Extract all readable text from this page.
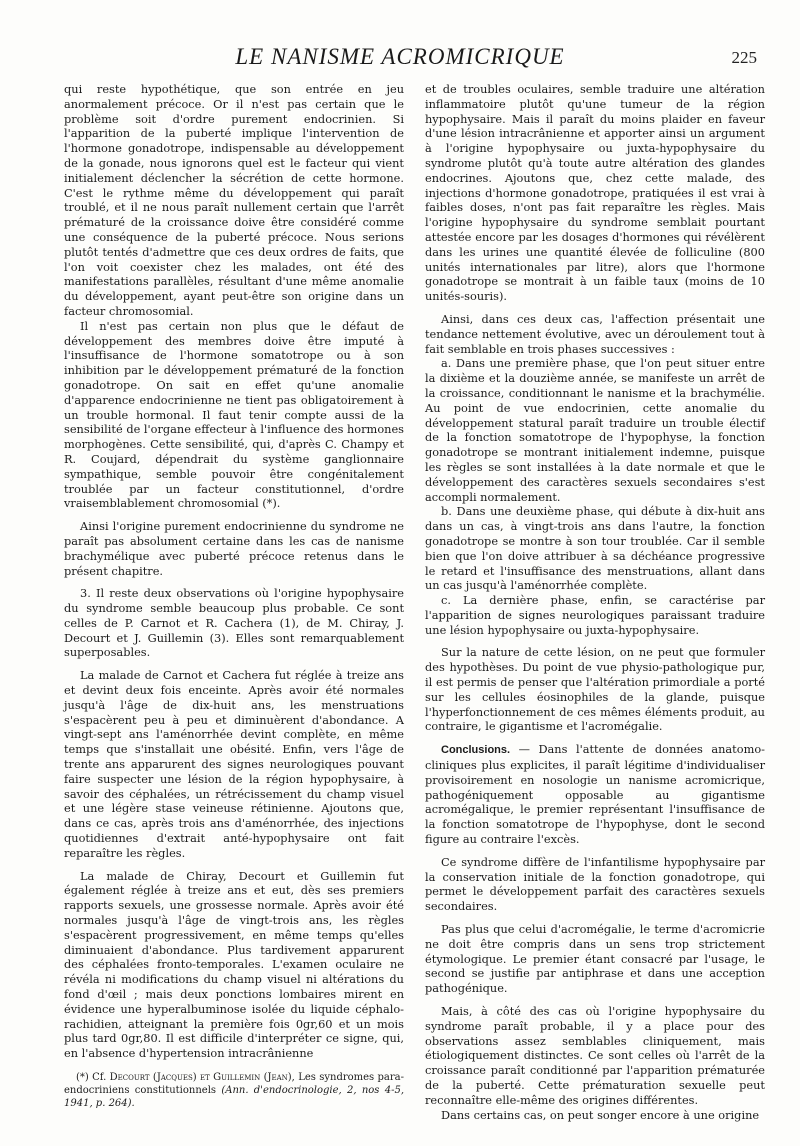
LE NANISME ACROMICRIQUE	225

qui reste hypothétique, que son entrée en jeu anormalement précoce. Or il n'est pas certain que le problème soit d'ordre purement endocrinien. Si l'apparition de la puberté implique l'intervention de l'hormone gonadotrope, indispensable au développement de la gonade, nous ignorons quel est le facteur qui vient initialement déclencher la sécrétion de cette hormone. C'est le rythme même du développement qui paraît troublé, et il ne nous paraît nullement certain que l'arrêt prématuré de la croissance doive être considéré comme une conséquence de la puberté précoce. Nous serions plutôt tentés d'admettre que ces deux ordres de faits, que l'on voit coexister chez les malades, ont été des manifestations parallèles, résultant d'une même anomalie du développement, ayant peut-être son origine dans un facteur chromosomial.

Il n'est pas certain non plus que le défaut de développement des membres doive être imputé à l'insuffisance de l'hormone somatotrope ou à son inhibition par le développement prématuré de la fonction gonadotrope. On sait en effet qu'une anomalie d'apparence endocrinienne ne tient pas obligatoirement à un trouble hormonal. Il faut tenir compte aussi de la sensibilité de l'organe effecteur à l'influence des hormones morphogènes. Cette sensibilité, qui, d'après C. Champy et R. Coujard, dépendrait du système ganglionnaire sympathique, semble pouvoir être congénitalement troublée par un facteur constitutionnel, d'ordre vraisemblablement chromosomial (*).

Ainsi l'origine purement endocrinienne du syndrome ne paraît pas absolument certaine dans les cas de nanisme brachymélique avec puberté précoce retenus dans le présent chapitre.

3. Il reste deux observations où l'origine hypophysaire du syndrome semble beaucoup plus probable. Ce sont celles de P. Carnot et R. Cachera (1), de M. Chiray, J. Decourt et J. Guillemin (3). Elles sont remarquablement superposables.

La malade de Carnot et Cachera fut réglée à treize ans et devint deux fois enceinte. Après avoir été normales jusqu'à l'âge de dix-huit ans, les menstruations s'espacèrent peu à peu et diminuèrent d'abondance. A vingt-sept ans l'aménorrhée devint complète, en même temps que s'installait une obésité. Enfin, vers l'âge de trente ans apparurent des signes neurologiques pouvant faire suspecter une lésion de la région hypophysaire, à savoir des céphalées, un rétrécissement du champ visuel et une légère stase veineuse rétinienne. Ajoutons que, dans ce cas, après trois ans d'aménorrhée, des injections quotidiennes d'extrait anté-hypophysaire ont fait reparaître les règles.

La malade de Chiray, Decourt et Guillemin fut également réglée à treize ans et eut, dès ses premiers rapports sexuels, une grossesse normale. Après avoir été normales jusqu'à l'âge de vingt-trois ans, les règles s'espacèrent progressivement, en même temps qu'elles diminuaient d'abondance. Plus tardivement apparurent des céphalées fronto-temporales. L'examen oculaire ne révéla ni modifications du champ visuel ni altérations du fond d'œil ; mais deux ponctions lombaires mirent en évidence une hyperalbuminose isolée du liquide céphalo-rachidien, atteignant la première fois 0gr,60 et un mois plus tard 0gr,80. Il est difficile d'interpréter ce signe, qui, en l'absence d'hypertension intracrânienne

(*) Cf. Decourt (Jacques) et Guillemin (Jean), Les syndromes para-endocriniens constitutionnels (Ann. d'endocrinologie, 2, nos 4-5, 1941, p. 264).

et de troubles oculaires, semble traduire une altération inflammatoire plutôt qu'une tumeur de la région hypophysaire. Mais il paraît du moins plaider en faveur d'une lésion intracrânienne et apporter ainsi un argument à l'origine hypophysaire ou juxta-hypophysaire du syndrome plutôt qu'à toute autre altération des glandes endocrines. Ajoutons que, chez cette malade, des injections d'hormone gonadotrope, pratiquées il est vrai à faibles doses, n'ont pas fait reparaître les règles. Mais l'origine hypophysaire du syndrome semblait pourtant attestée encore par les dosages d'hormones qui révélèrent dans les urines une quantité élevée de folliculine (800 unités internationales par litre), alors que l'hormone gonadotrope se montrait à un faible taux (moins de 10 unités-souris).

Ainsi, dans ces deux cas, l'affection présentait une tendance nettement évolutive, avec un déroulement tout à fait semblable en trois phases successives :

a. Dans une première phase, que l'on peut situer entre la dixième et la douzième année, se manifeste un arrêt de la croissance, conditionnant le nanisme et la brachymélie. Au point de vue endocrinien, cette anomalie du développement statural paraît traduire un trouble électif de la fonction somatotrope de l'hypophyse, la fonction gonadotrope se montrant initialement indemne, puisque les règles se sont installées à la date normale et que le développement des caractères sexuels secondaires s'est accompli normalement.

b. Dans une deuxième phase, qui débute à dix-huit ans dans un cas, à vingt-trois ans dans l'autre, la fonction gonadotrope se montre à son tour troublée. Car il semble bien que l'on doive attribuer à sa déchéance progressive le retard et l'insuffisance des menstruations, allant dans un cas jusqu'à l'aménorrhée complète.

c. La dernière phase, enfin, se caractérise par l'apparition de signes neurologiques paraissant traduire une lésion hypophysaire ou juxta-hypophysaire.

Sur la nature de cette lésion, on ne peut que formuler des hypothèses. Du point de vue physio-pathologique pur, il est permis de penser que l'altération primordiale a porté sur les cellules éosinophiles de la glande, puisque l'hyperfonctionnement de ces mêmes éléments produit, au contraire, le gigantisme et l'acromégalie.

Conclusions. — Dans l'attente de données anatomo-cliniques plus explicites, il paraît légitime d'individualiser provisoirement en nosologie un nanisme acromicrique, pathogéniquement opposable au gigantisme acromégalique, le premier représentant l'insuffisance de la fonction somatotrope de l'hypophyse, dont le second figure au contraire l'excès.

Ce syndrome diffère de l'infantilisme hypophysaire par la conservation initiale de la fonction gonadotrope, qui permet le développement parfait des caractères sexuels secondaires.

Pas plus que celui d'acromégalie, le terme d'acromicrie ne doit être compris dans un sens trop strictement étymologique. Le premier étant consacré par l'usage, le second se justifie par antiphrase et dans une acception pathogénique.

Mais, à côté des cas où l'origine hypophysaire du syndrome paraît probable, il y a place pour des observations assez semblables cliniquement, mais étiologiquement distinctes. Ce sont celles où l'arrêt de la croissance paraît conditionné par l'apparition prématurée de la puberté. Cette prématuration sexuelle peut reconnaître elle-même des origines différentes.

Dans certains cas, on peut songer encore à une origine
